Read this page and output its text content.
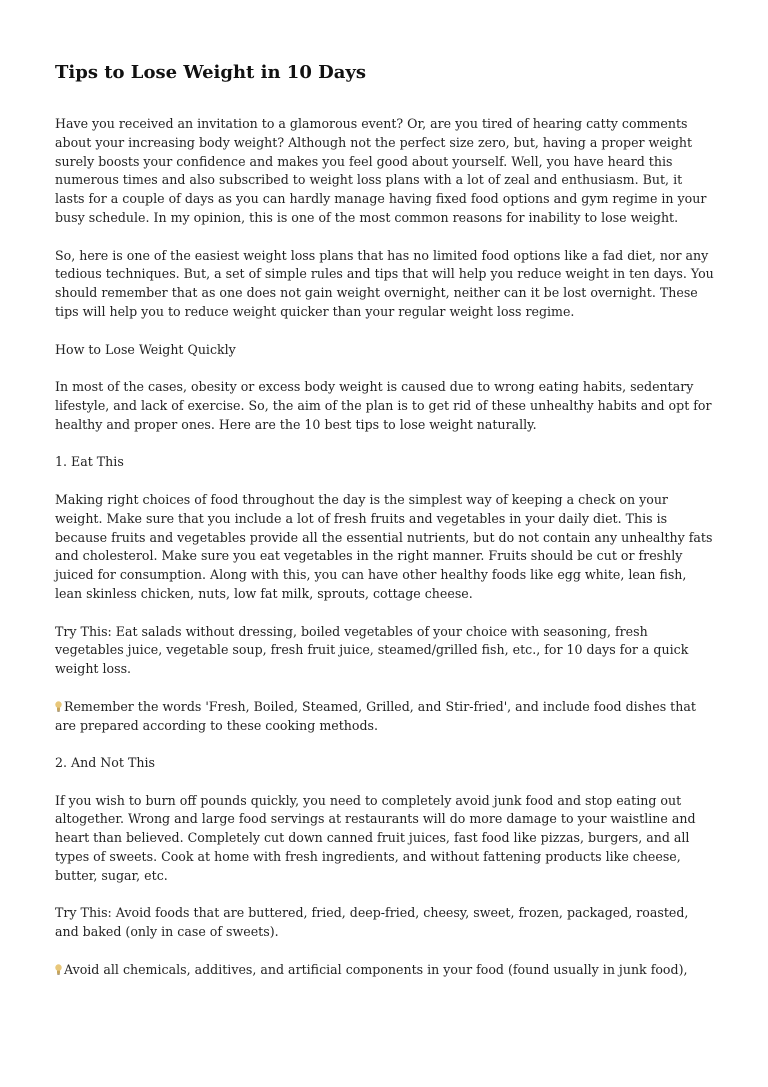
Tips to Lose Weight in 10 Days

Have you received an invitation to a glamorous event? Or, are you tired of hearing catty comments about your increasing body weight? Although not the perfect size zero, but, having a proper weight surely boosts your confidence and makes you feel good about yourself. Well, you have heard this numerous times and also subscribed to weight loss plans with a lot of zeal and enthusiasm. But, it lasts for a couple of days as you can hardly manage having fixed food options and gym regime in your busy schedule. In my opinion, this is one of the most common reasons for inability to lose weight.

So, here is one of the easiest weight loss plans that has no limited food options like a fad diet, nor any tedious techniques. But, a set of simple rules and tips that will help you reduce weight in ten days. You should remember that as one does not gain weight overnight, neither can it be lost overnight. These tips will help you to reduce weight quicker than your regular weight loss regime.

How to Lose Weight Quickly

In most of the cases, obesity or excess body weight is caused due to wrong eating habits, sedentary lifestyle, and lack of exercise. So, the aim of the plan is to get rid of these unhealthy habits and opt for healthy and proper ones. Here are the 10 best tips to lose weight naturally.

1. Eat This

Making right choices of food throughout the day is the simplest way of keeping a check on your weight. Make sure that you include a lot of fresh fruits and vegetables in your daily diet. This is because fruits and vegetables provide all the essential nutrients, but do not contain any unhealthy fats and cholesterol. Make sure you eat vegetables in the right manner. Fruits should be cut or freshly juiced for consumption. Along with this, you can have other healthy foods like egg white, lean fish, lean skinless chicken, nuts, low fat milk, sprouts, cottage cheese.

Try This: Eat salads without dressing, boiled vegetables of your choice with seasoning, fresh vegetables juice, vegetable soup, fresh fruit juice, steamed/grilled fish, etc., for 10 days for a quick weight loss.

Remember the words 'Fresh, Boiled, Steamed, Grilled, and Stir-fried', and include food dishes that are prepared according to these cooking methods.

2. And Not This

If you wish to burn off pounds quickly, you need to completely avoid junk food and stop eating out altogether. Wrong and large food servings at restaurants will do more damage to your waistline and heart than believed. Completely cut down canned fruit juices, fast food like pizzas, burgers, and all types of sweets. Cook at home with fresh ingredients, and without fattening products like cheese, butter, sugar, etc.

Try This: Avoid foods that are buttered, fried, deep-fried, cheesy, sweet, frozen, packaged, roasted, and baked (only in case of sweets).

Avoid all chemicals, additives, and artificial components in your food (found usually in junk food),
